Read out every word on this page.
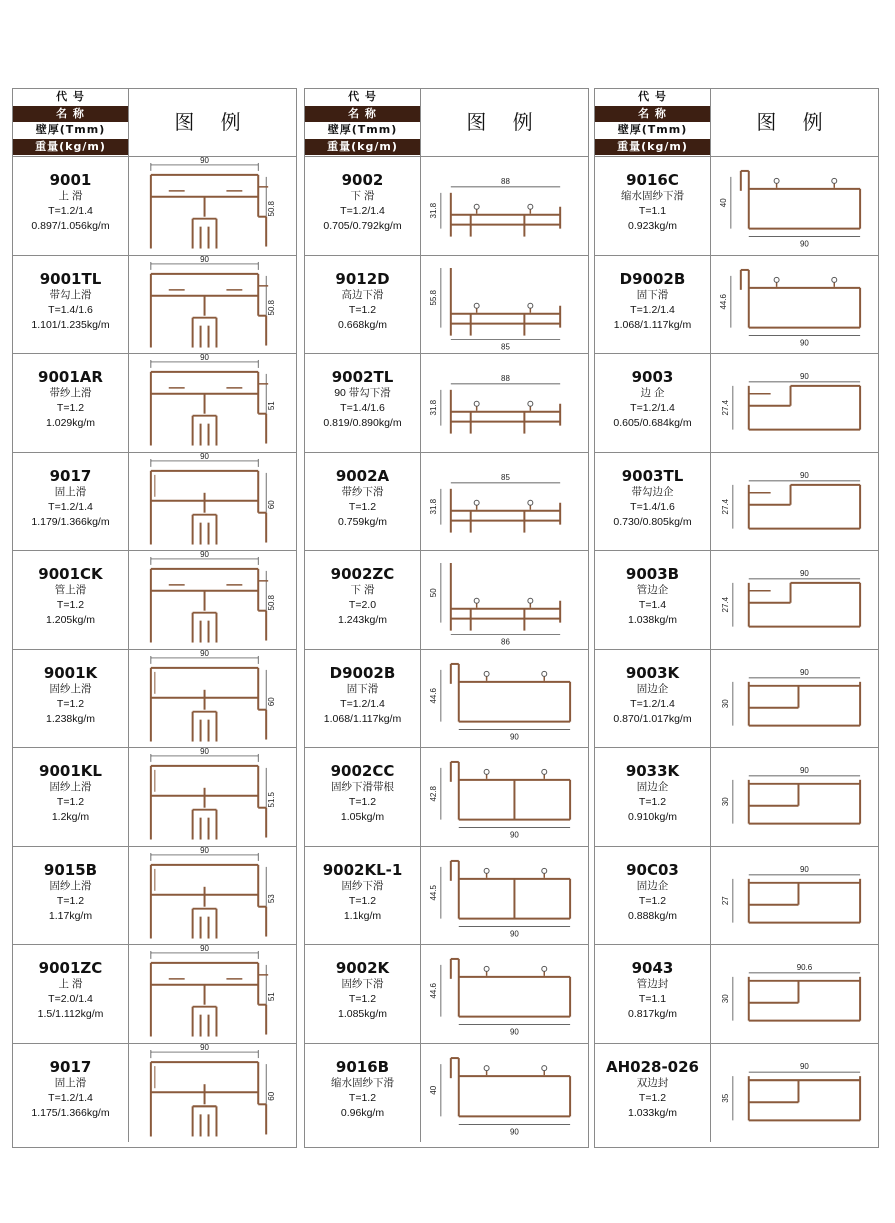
代 号
名 称
壁厚(Tmm)
重量(kg/m)
图 例
9001
上 滑
T=1.2/1.4
0.897/1.056kg/m
90
50.8
9001TL
带勾上滑
T=1.4/1.6
1.101/1.235kg/m
90
50.8
9001AR
带纱上滑
T=1.2
1.029kg/m
90
51
9017
固上滑
T=1.2/1.4
1.179/1.366kg/m
90
60
9001CK
管上滑
T=1.2
1.205kg/m
90
50.8
9001K
固纱上滑
T=1.2
1.238kg/m
90
60
9001KL
固纱上滑
T=1.2
1.2kg/m
90
51.5
9015B
固纱上滑
T=1.2
1.17kg/m
90
53
9001ZC
上 滑
T=2.0/1.4
1.5/1.112kg/m
90
51
9017
固上滑
T=1.2/1.4
1.175/1.366kg/m
90
60
代 号
名 称
壁厚(Tmm)
重量(kg/m)
图 例
9002
下 滑
T=1.2/1.4
0.705/0.792kg/m
31.8
88
9012D
高边下滑
T=1.2
0.668kg/m
55.8
85
9002TL
90 带勾下滑
T=1.4/1.6
0.819/0.890kg/m
31.8
88
9002A
带纱下滑
T=1.2
0.759kg/m
31.8
85
9002ZC
下 滑
T=2.0
1.243kg/m
50
86
D9002B
固下滑
T=1.2/1.4
1.068/1.117kg/m
44.6
90
9002CC
固纱下滑带根
T=1.2
1.05kg/m
42.8
90
9002KL-1
固纱下滑
T=1.2
1.1kg/m
44.5
90
9002K
固纱下滑
T=1.2
1.085kg/m
44.6
90
9016B
缩水固纱下滑
T=1.2
0.96kg/m
40
90
代 号
名 称
壁厚(Tmm)
重量(kg/m)
图 例
9016C
缩水固纱下滑
T=1.1
0.923kg/m
40
90
D9002B
固下滑
T=1.2/1.4
1.068/1.117kg/m
44.6
90
9003
边 企
T=1.2/1.4
0.605/0.684kg/m
90
27.4
9003TL
带勾边企
T=1.4/1.6
0.730/0.805kg/m
90
27.4
9003B
管边企
T=1.4
1.038kg/m
90
27.4
9003K
固边企
T=1.2/1.4
0.870/1.017kg/m
90
30
9033K
固边企
T=1.2
0.910kg/m
90
30
90C03
固边企
T=1.2
0.888kg/m
90
27
9043
管边封
T=1.1
0.817kg/m
90.6
30
AH028-026
双边封
T=1.2
1.033kg/m
90
35
